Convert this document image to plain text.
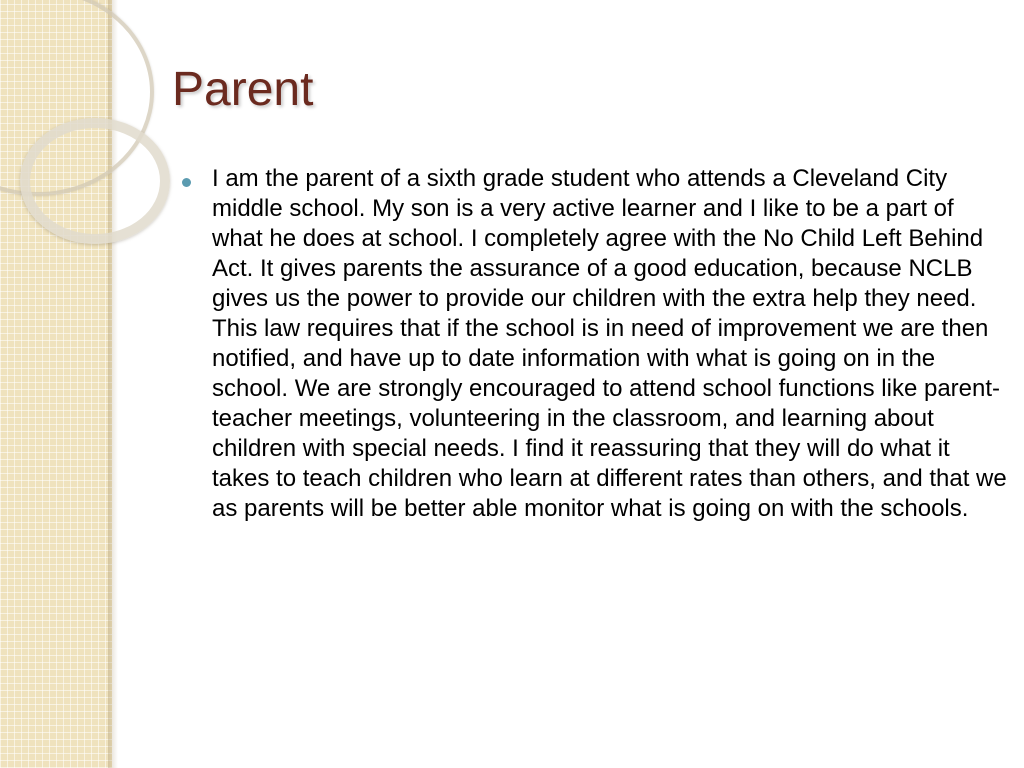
Parent

I am the parent of a sixth grade student who attends a Cleveland City middle school. My son is a very active learner and I like to be a part of what he does at school. I completely agree with the No Child Left Behind Act. It gives parents the assurance of a good education, because NCLB gives us the power to provide our children with the extra help they need. This law requires that if the school is in need of improvement we are then notified, and have up to date information with what is going on in the school. We are strongly encouraged to attend school functions like parent-teacher meetings, volunteering in the classroom, and learning about children with special needs. I find it reassuring that they will do what it takes to teach children who learn at different rates than others, and that we as parents will be better able monitor what is going on with the schools.
